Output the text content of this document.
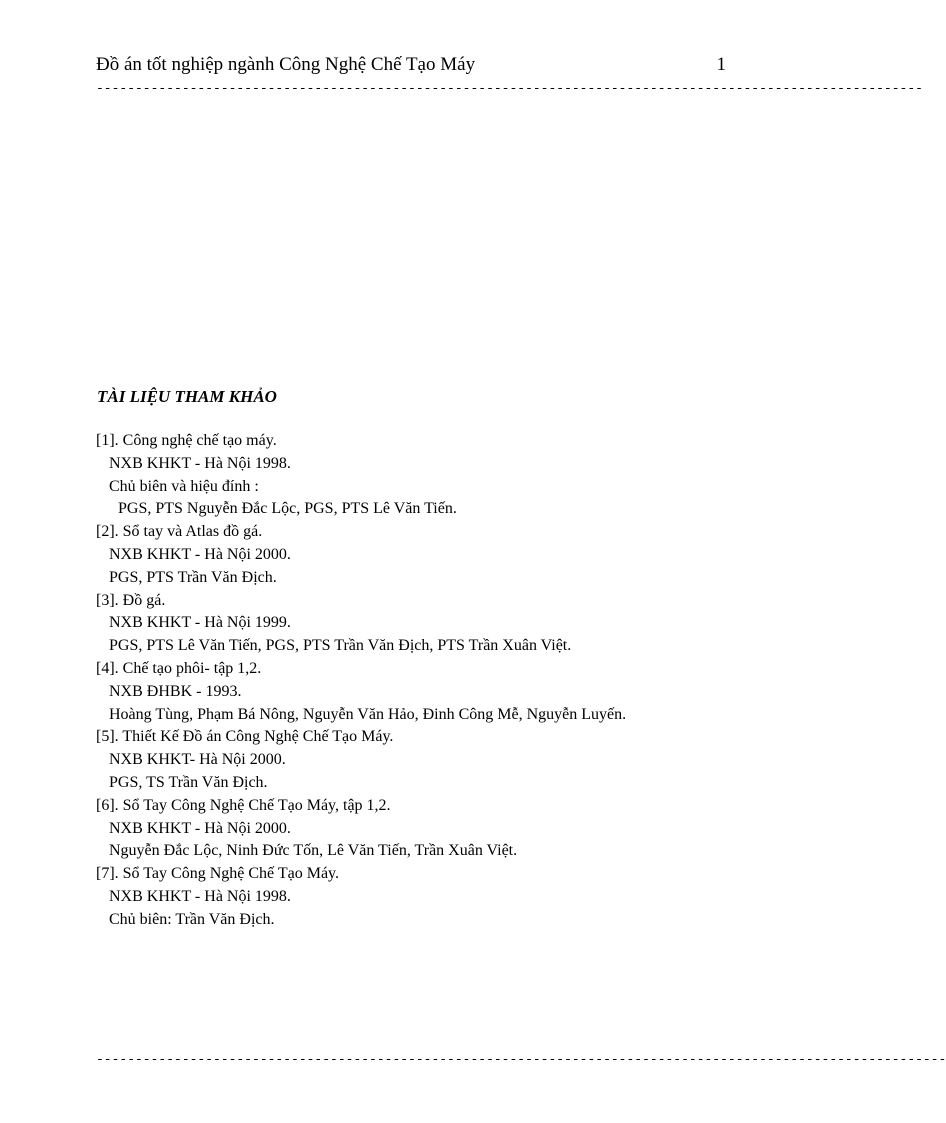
Đồ án tốt nghiệp ngành Công Nghệ Chế Tạo Máy	1
----------------------------------------------------------------------------------------------------------
TÀI LIỆU THAM KHẢO
[1]. Công nghệ chế tạo máy.
NXB KHKT - Hà Nội 1998.
Chủ biên và hiệu đính :
PGS, PTS Nguyễn Đắc Lộc, PGS, PTS Lê Văn Tiến.
[2]. Sổ tay và Atlas đồ gá.
NXB KHKT - Hà Nội 2000.
PGS, PTS Trần Văn Địch.
[3]. Đồ gá.
NXB KHKT - Hà Nội 1999.
PGS, PTS Lê Văn Tiến, PGS, PTS Trần Văn Địch, PTS Trần Xuân Việt.
[4]. Chế tạo phôi- tập 1,2.
NXB ĐHBK - 1993.
Hoàng Tùng, Phạm Bá Nông, Nguyễn Văn Hảo, Đinh Công Mễ, Nguyễn Luyến.
[5]. Thiết Kế Đồ án Công Nghệ Chế Tạo Máy.
NXB KHKT- Hà Nội 2000.
PGS, TS Trần Văn Địch.
[6]. Sổ Tay Công Nghệ Chế Tạo Máy, tập 1,2.
NXB KHKT - Hà Nội 2000.
Nguyễn Đắc Lộc, Ninh Đức Tốn, Lê Văn Tiến, Trần Xuân Việt.
[7]. Sổ Tay Công Nghệ Chế Tạo Máy.
NXB KHKT - Hà Nội 1998.
Chủ biên: Trần Văn Địch.
-------------------------------------------------------------------------------------------------------------
